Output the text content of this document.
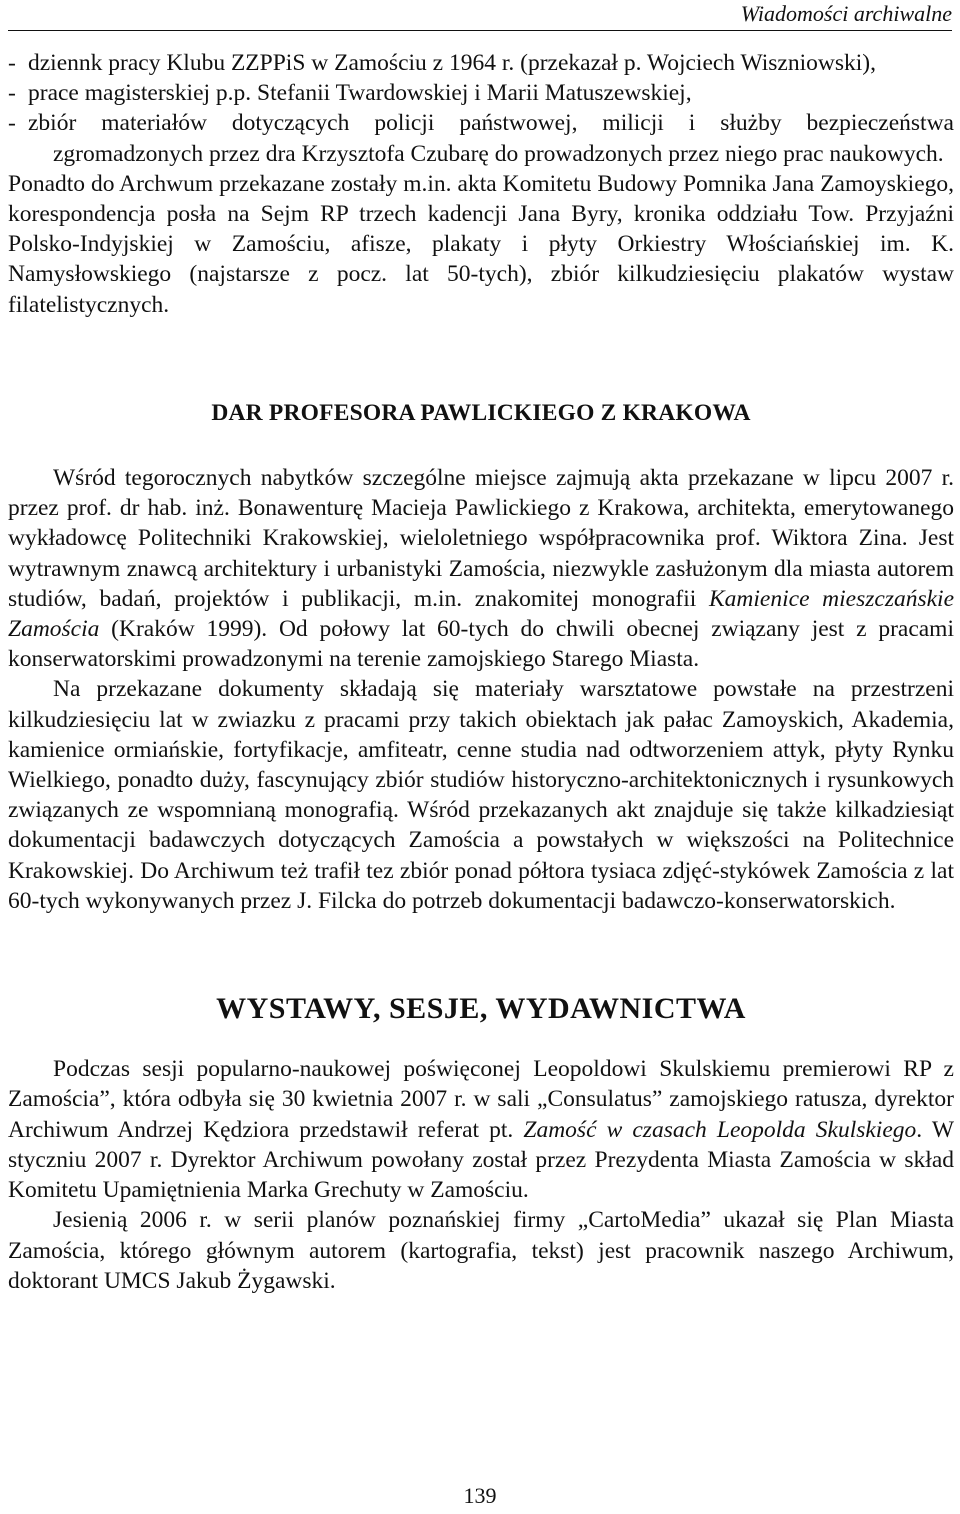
Wiadomości archiwalne

- dziennk pracy Klubu ZZPPiS w Zamościu z 1964 r. (przekazał p. Wojciech Wiszniowski),

- prace magisterskiej p.p. Stefanii Twardowskiej i Marii Matuszewskiej,

- zbiór materiałów dotyczących policji państwowej, milicji i służby bezpieczeństwa zgromadzonych przez dra Krzysztofa Czubarę do prowadzonych przez niego prac naukowych.

Ponadto do Archwum przekazane zostały m.in. akta Komitetu Budowy Pomnika Jana Zamoyskiego, korespondencja posła na Sejm RP trzech kadencji Jana Byry, kronika oddziału Tow. Przyjaźni Polsko-Indyjskiej w Zamościu, afisze, plakaty i płyty Orkiestry Włościańskiej im. K. Namysłowskiego (najstarsze z pocz. lat 50-tych), zbiór kilkudziesięciu plakatów wystaw filatelistycznych.

DAR PROFESORA PAWLICKIEGO Z KRAKOWA

Wśród tegorocznych nabytków szczególne miejsce zajmują akta przekazane w lipcu 2007 r. przez prof. dr hab. inż. Bonawenturę Macieja Pawlickiego z Krakowa, architekta, emerytowanego wykładowcę Politechniki Krakowskiej, wieloletniego współpracownika prof. Wiktora Zina. Jest wytrawnym znawcą architektury i urbanistyki Zamościa, niezwykle zasłużonym dla miasta autorem studiów, badań, projektów i publikacji, m.in. znakomitej monografii Kamienice mieszczańskie Zamościa (Kraków 1999). Od połowy lat 60-tych do chwili obecnej związany jest z pracami konserwatorskimi prowadzonymi na terenie zamojskiego Starego Miasta.

Na przekazane dokumenty składają się materiały warsztatowe powstałe na przestrzeni kilkudziesięciu lat w zwiazku z pracami przy takich obiektach jak pałac Zamoyskich, Akademia, kamienice ormiańskie, fortyfikacje, amfiteatr, cenne studia nad odtworzeniem attyk, płyty Rynku Wielkiego, ponadto duży, fascynujący zbiór studiów historyczno-architektonicznych i rysunkowych związanych ze wspomnianą monografią. Wśród przekazanych akt znajduje się także kilkadziesiąt dokumentacji badawczych dotyczących Zamościa a powstałych w większości na Politechnice Krakowskiej. Do Archiwum też trafił tez zbiór ponad półtora tysiaca zdjęć-stykówek Zamościa z lat 60-tych wykonywanych przez J. Filcka do potrzeb dokumentacji badawczo-konserwatorskich.

WYSTAWY, SESJE, WYDAWNICTWA

Podczas sesji popularno-naukowej poświęconej Leopoldowi Skulskiemu premierowi RP z Zamościa”, która odbyła się 30 kwietnia 2007 r. w sali „Consulatus” zamojskiego ratusza, dyrektor Archiwum Andrzej Kędziora przedstawił referat pt. Zamość w czasach Leopolda Skulskiego. W styczniu 2007 r. Dyrektor Archiwum powołany został przez Prezydenta Miasta Zamościa w skład Komitetu Upamiętnienia Marka Grechuty w Zamościu.

Jesienią 2006 r. w serii planów poznańskiej firmy „CartoMedia” ukazał się Plan Miasta Zamościa, którego głównym autorem (kartografia, tekst) jest pracownik naszego Archiwum, doktorant UMCS Jakub Żygawski.

139
